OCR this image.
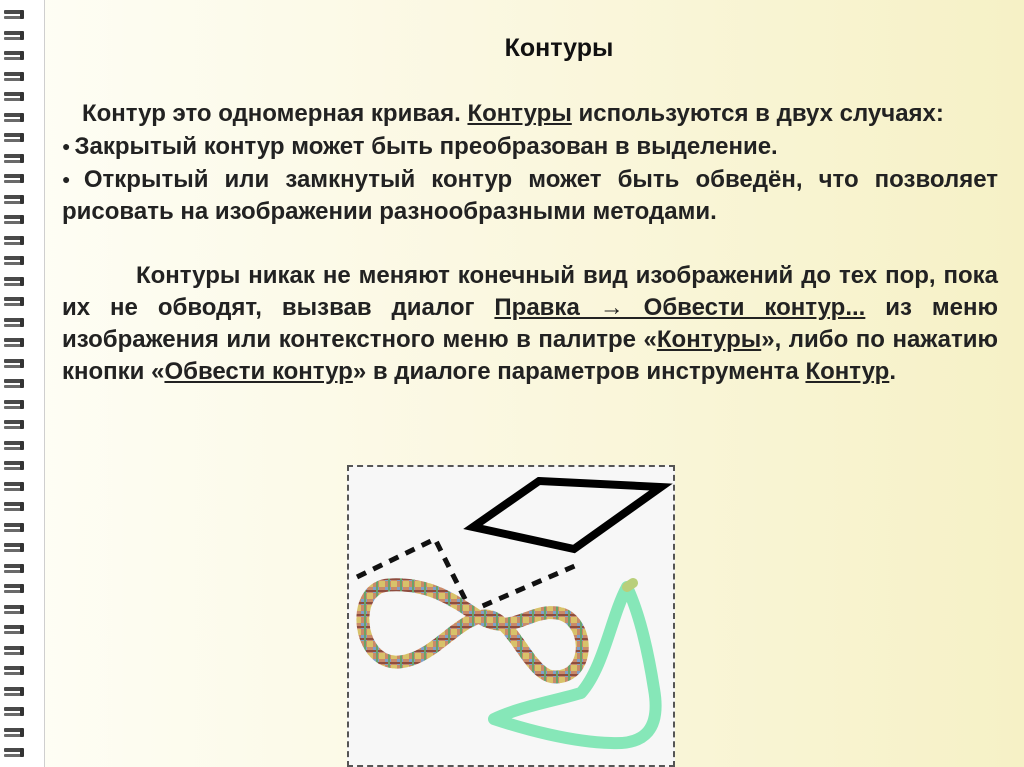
Контуры

Контур это одномерная кривая. Контуры используются в двух случаях:

● Закрытый контур может быть преобразован в выделение.

● Открытый или замкнутый контур может быть обведён, что позволяет рисовать на изображении разнообразными методами.

Контуры никак не меняют конечный вид изображений до тех пор, пока их не обводят, вызвав диалог Правка → Обвести контур... из меню изображения или контекстного меню в палитре «Контуры», либо по нажатию кнопки «Обвести контур» в диалоге параметров инструмента Контур.
